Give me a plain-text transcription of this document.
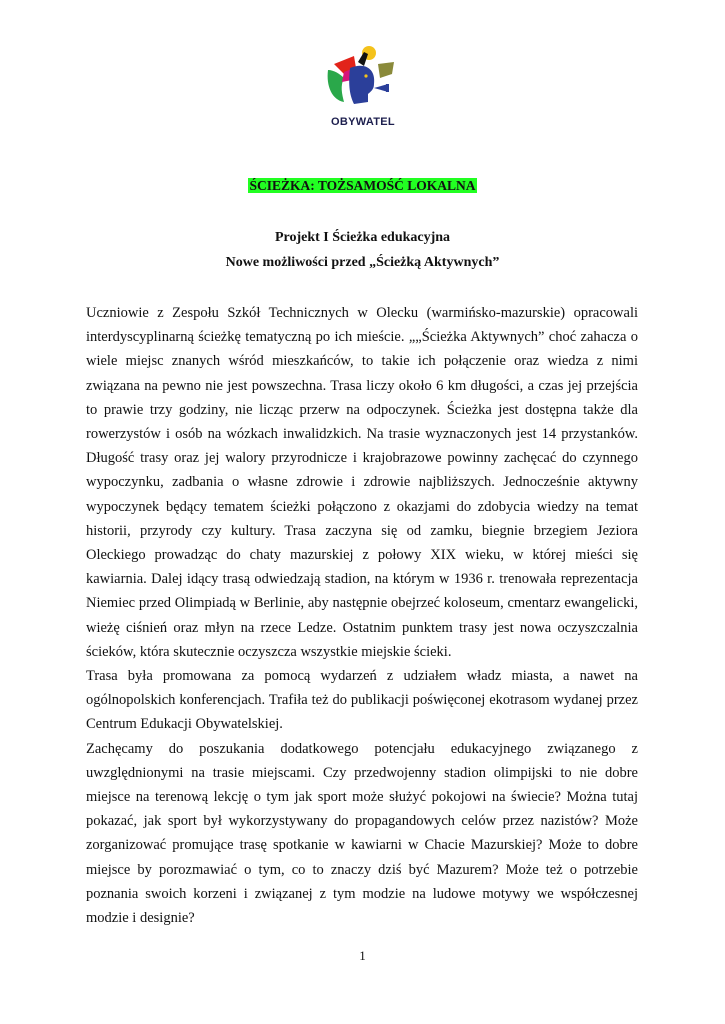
OBYWATEL
ŚCIEŻKA: TOŻSAMOŚĆ LOKALNA
Projekt I Ścieżka edukacyjna
Nowe możliwości przed „Ścieżką Aktywnych”

Uczniowie z Zespołu Szkół Technicznych w Olecku (warmińsko-mazurskie) opracowali interdyscyplinarną ścieżkę tematyczną po ich mieście. „„Ścieżka Aktywnych” choć zahacza o wiele miejsc znanych wśród mieszkańców, to takie ich połączenie oraz wiedza z nimi związana na pewno nie jest powszechna. Trasa liczy około 6 km długości, a czas jej przejścia to prawie trzy godziny, nie licząc przerw na odpoczynek. Ścieżka jest dostępna także dla rowerzystów i osób na wózkach inwalidzkich. Na trasie wyznaczonych jest 14 przystanków. Długość trasy oraz jej walory przyrodnicze i krajobrazowe powinny zachęcać do czynnego wypoczynku, zadbania o własne zdrowie i zdrowie najbliższych. Jednocześnie aktywny wypoczynek będący tematem ścieżki połączono z okazjami do zdobycia wiedzy na temat historii, przyrody czy kultury. Trasa zaczyna się od zamku, biegnie brzegiem Jeziora Oleckiego prowadząc do chaty mazurskiej z połowy XIX wieku, w której mieści się kawiarnia. Dalej idący trasą odwiedzają stadion, na którym w 1936 r. trenowała reprezentacja Niemiec przed Olimpiadą w Berlinie, aby następnie obejrzeć koloseum, cmentarz ewangelicki, wieżę ciśnień oraz młyn na rzece Ledze. Ostatnim punktem trasy jest nowa oczyszczalnia ścieków, która skutecznie oczyszcza wszystkie miejskie ścieki.

Trasa była promowana za pomocą wydarzeń z udziałem władz miasta, a nawet na ogólnopolskich konferencjach. Trafiła też do publikacji poświęconej ekotrasom wydanej przez Centrum Edukacji Obywatelskiej.

Zachęcamy do poszukania dodatkowego potencjału edukacyjnego związanego z uwzględnionymi na trasie miejscami. Czy przedwojenny stadion olimpijski to nie dobre miejsce na terenową lekcję o tym jak sport może służyć pokojowi na świecie? Można tutaj pokazać, jak sport był wykorzystywany do propagandowych celów przez nazistów? Może zorganizować promujące trasę spotkanie w kawiarni w Chacie Mazurskiej? Może to dobre miejsce by porozmawiać o tym, co to znaczy dziś być Mazurem? Może też o potrzebie poznania swoich korzeni i związanej z tym modzie na ludowe motywy we współczesnej modzie i designie?

1
